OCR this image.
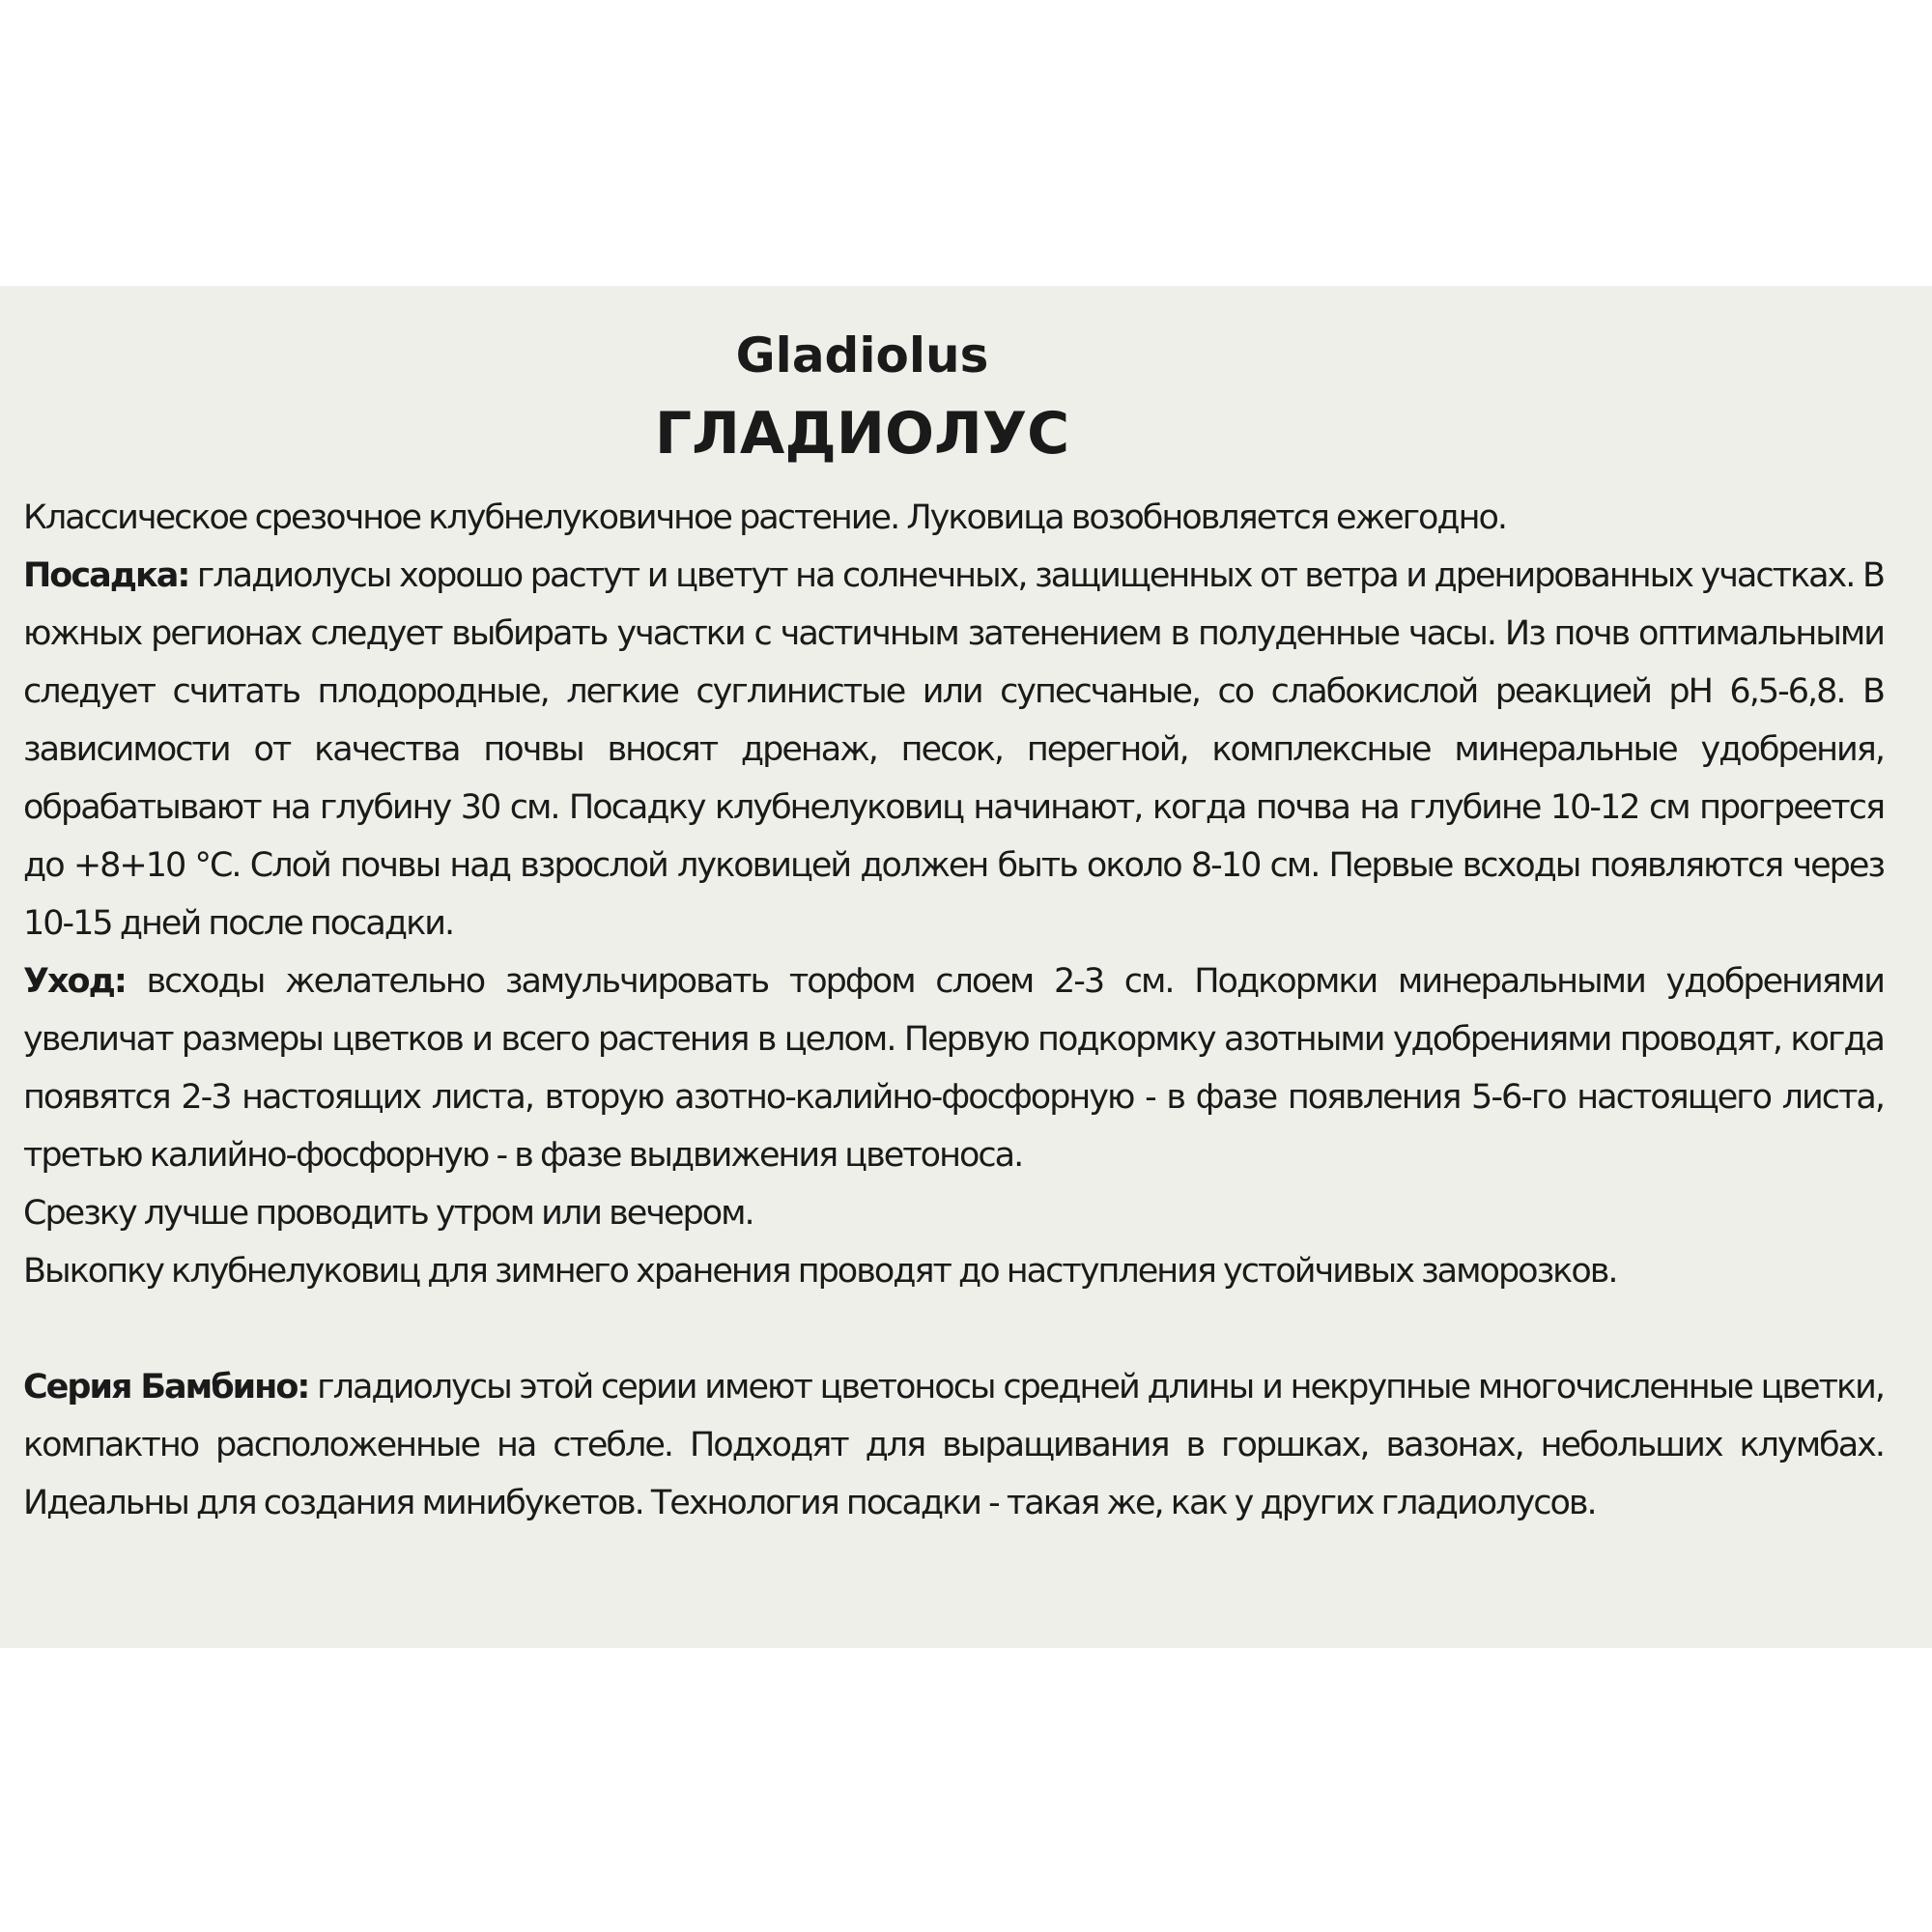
Gladiolus
ГЛАДИОЛУС

Классическое срезочное клубнелуковичное растение. Луковица возобновляется ежегодно.

Посадка: гладиолусы хорошо растут и цветут на солнечных, защищенных от ветра и дренированных участках. В южных регионах следует выбирать участки с частичным затенением в полуденные часы. Из почв оптимальными следует считать плодородные, легкие суглинистые или супесчаные, со слабокислой реакцией рН 6,5-6,8. В зависимости от качества почвы вносят дренаж, песок, перегной, комплексные минеральные удобрения, обрабатывают на глубину 30 см. Посадку клубнелуковиц начинают, когда почва на глубине 10-12 см прогреется до +8+10 °С. Слой почвы над взрослой луковицей должен быть около 8-10 см. Первые всходы появляются через 10-15 дней после посадки.

Уход: всходы желательно замульчировать торфом слоем 2-3 см. Подкормки минеральными удобрениями увеличат размеры цветков и всего растения в целом. Первую подкормку азотными удобрениями проводят, когда появятся 2-3 настоящих листа, вторую азотно-калийно-фосфорную - в фазе появления 5-6-го настоящего листа, третью калийно-фосфорную - в фазе выдвижения цветоноса.

Срезку лучше проводить утром или вечером.

Выкопку клубнелуковиц для зимнего хранения проводят до наступления устойчивых заморозков.

Серия Бамбино: гладиолусы этой серии имеют цветоносы средней длины и некрупные многочисленные цветки, компактно расположенные на стебле. Подходят для выращивания в горшках, вазонах, небольших клумбах. Идеальны для создания минибукетов. Технология посадки - такая же, как у других гладиолусов.
